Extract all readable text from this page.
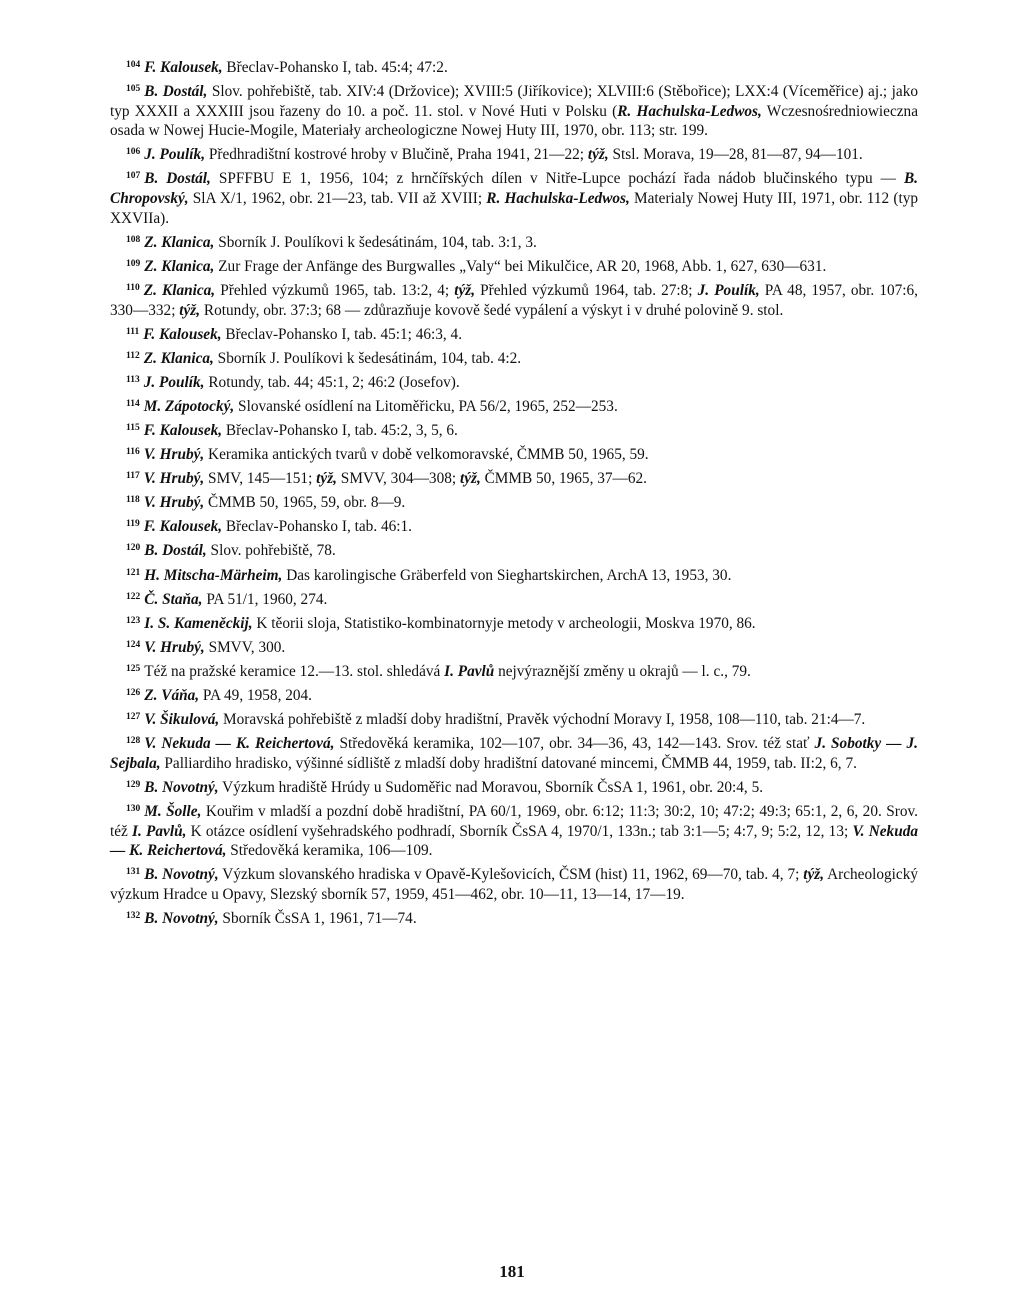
$^{104}$ F. Kalousek, Břeclav-Pohansko I, tab. 45:4; 47:2.

$^{105}$ B. Dostál, Slov. pohřebiště, tab. XIV:4 (Držovice); XVIII:5 (Jiříkovice); XLVIII:6 (Stěbořice); LXX:4 (Víceměřice) aj.; jako typ XXXII a XXXIII jsou řazeny do 10. a poč. 11. stol. v Nové Huti v Polsku (R. Hachulska-Ledwos, Wczesnośredniowieczna osada w Nowej Hucie-Mogile, Materiały archeologiczne Nowej Huty III, 1970, obr. 113; str. 199.

$^{106}$ J. Poulík, Předhradištní kostrové hroby v Blučině, Praha 1941, 21—22; týž, Stsl. Morava, 19—28, 81—87, 94—101.

$^{107}$ B. Dostál, SPFFBU E 1, 1956, 104; z hrnčířských dílen v Nitře-Lupce pochází řada nádob blučinského typu — B. Chropovský, SlA X/1, 1962, obr. 21—23, tab. VII až XVIII; R. Hachulska-Ledwos, Materialy Nowej Huty III, 1971, obr. 112 (typ XXVIIa).

$^{108}$ Z. Klanica, Sborník J. Poulíkovi k šedesátinám, 104, tab. 3:1, 3.

$^{109}$ Z. Klanica, Zur Frage der Anfänge des Burgwalles „Valy“ bei Mikulčice, AR 20, 1968, Abb. 1, 627, 630—631.

$^{110}$ Z. Klanica, Přehled výzkumů 1965, tab. 13:2, 4; týž, Přehled výzkumů 1964, tab. 27:8; J. Poulík, PA 48, 1957, obr. 107:6, 330—332; týž, Rotundy, obr. 37:3; 68 — zdůrazňuje kovově šedé vypálení a výskyt i v druhé polovině 9. stol.

$^{111}$ F. Kalousek, Břeclav-Pohansko I, tab. 45:1; 46:3, 4.

$^{112}$ Z. Klanica, Sborník J. Poulíkovi k šedesátinám, 104, tab. 4:2.

$^{113}$ J. Poulík, Rotundy, tab. 44; 45:1, 2; 46:2 (Josefov).

$^{114}$ M. Zápotocký, Slovanské osídlení na Litoměřicku, PA 56/2, 1965, 252—253.

$^{115}$ F. Kalousek, Břeclav-Pohansko I, tab. 45:2, 3, 5, 6.

$^{116}$ V. Hrubý, Keramika antických tvarů v době velkomoravské, ČMMB 50, 1965, 59.

$^{117}$ V. Hrubý, SMV, 145—151; týž, SMVV, 304—308; týž, ČMMB 50, 1965, 37—62.

$^{118}$ V. Hrubý, ČMMB 50, 1965, 59, obr. 8—9.

$^{119}$ F. Kalousek, Břeclav-Pohansko I, tab. 46:1.

$^{120}$ B. Dostál, Slov. pohřebiště, 78.

$^{121}$ H. Mitscha-Märheim, Das karolingische Gräberfeld von Sieghartskirchen, ArchA 13, 1953, 30.

$^{122}$ Č. Staňa, PA 51/1, 1960, 274.

$^{123}$ I. S. Kameněckij, K těorii sloja, Statistiko-kombinatornyje metody v archeologii, Moskva 1970, 86.

$^{124}$ V. Hrubý, SMVV, 300.

$^{125}$ Též na pražské keramice 12.—13. stol. shledává I. Pavlů nejvýraznější změny u okrajů — l. c., 79.

$^{126}$ Z. Váňa, PA 49, 1958, 204.

$^{127}$ V. Šikulová, Moravská pohřebiště z mladší doby hradištní, Pravěk východní Moravy I, 1958, 108—110, tab. 21:4—7.

$^{128}$ V. Nekuda — K. Reichertová, Středověká keramika, 102—107, obr. 34—36, 43, 142—143. Srov. též stať J. Sobotky — J. Sejbala, Palliardiho hradisko, výšinné sídliště z mladší doby hradištní datované mincemi, ČMMB 44, 1959, tab. II:2, 6, 7.

$^{129}$ B. Novotný, Výzkum hradiště Hrúdy u Sudoměřic nad Moravou, Sborník ČsSA 1, 1961, obr. 20:4, 5.

$^{130}$ M. Šolle, Kouřim v mladší a pozdní době hradištní, PA 60/1, 1969, obr. 6:12; 11:3; 30:2, 10; 47:2; 49:3; 65:1, 2, 6, 20. Srov. též I. Pavlů, K otázce osídlení vyšehradského podhradí, Sborník ČsSA 4, 1970/1, 133n.; tab 3:1—5; 4:7, 9; 5:2, 12, 13; V. Nekuda — K. Reichertová, Středověká keramika, 106—109.

$^{131}$ B. Novotný, Výzkum slovanského hradiska v Opavě-Kylešovicích, ČSM (hist) 11, 1962, 69—70, tab. 4, 7; týž, Archeologický výzkum Hradce u Opavy, Slezský sborník 57, 1959, 451—462, obr. 10—11, 13—14, 17—19.

$^{132}$ B. Novotný, Sborník ČsSA 1, 1961, 71—74.

181
